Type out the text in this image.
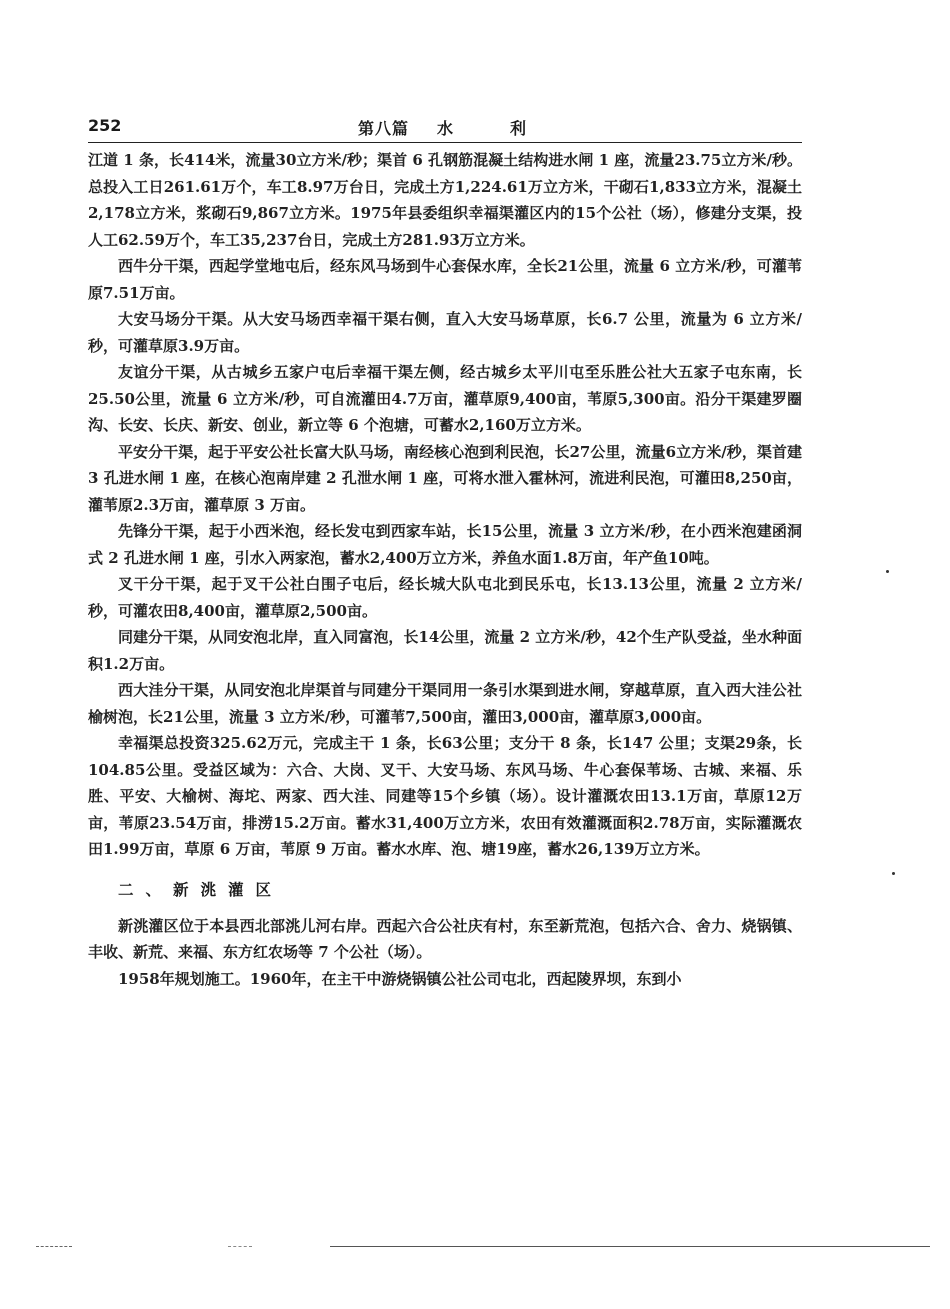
252	第八篇 水	利

江道 1 条，长414米，流量30立方米/秒；渠首 6 孔钢筋混凝土结构进水闸 1 座，流量23.75立方米/秒。总投入工日261.61万个，车工8.97万台日，完成土方1,224.61万立方米，干砌石1,833立方米，混凝土2,178立方米，浆砌石9,867立方米。1975年县委组织幸福渠灌区内的15个公社（场），修建分支渠，投人工62.59万个，车工35,237台日，完成土方281.93万立方米。

西牛分干渠，西起学堂地屯后，经东风马场到牛心套保水库，全长21公里，流量 6 立方米/秒，可灌苇原7.51万亩。

大安马场分干渠。从大安马场西幸福干渠右侧，直入大安马场草原，长6.7 公里，流量为 6 立方米/秒，可灌草原3.9万亩。

友谊分干渠，从古城乡五家户屯后幸福干渠左侧，经古城乡太平川屯至乐胜公社大五家子屯东南，长25.50公里，流量 6 立方米/秒，可自流灌田4.7万亩，灌草原9,400亩，苇原5,300亩。沿分干渠建罗圈沟、长安、长庆、新安、创业，新立等 6 个泡塘，可蓄水2,160万立方米。

平安分干渠，起于平安公社长富大队马场，南经核心泡到利民泡，长27公里，流量6立方米/秒，渠首建 3 孔进水闸 1 座，在核心泡南岸建 2 孔泄水闸 1 座，可将水泄入霍林河，流进利民泡，可灌田8,250亩，灌苇原2.3万亩，灌草原 3 万亩。

先锋分干渠，起于小西米泡，经长发屯到西家车站，长15公里，流量 3 立方米/秒，在小西米泡建函洞式 2 孔进水闸 1 座，引水入两家泡，蓄水2,400万立方米，养鱼水面1.8万亩，年产鱼10吨。

叉干分干渠，起于叉干公社白围子屯后，经长城大队屯北到民乐屯，长13.13公里，流量 2 立方米/秒，可灌农田8,400亩，灌草原2,500亩。

同建分干渠，从同安泡北岸，直入同富泡，长14公里，流量 2 立方米/秒，42个生产队受益，坐水种面积1.2万亩。

西大洼分干渠，从同安泡北岸渠首与同建分干渠同用一条引水渠到进水闸，穿越草原，直入西大洼公社榆树泡，长21公里，流量 3 立方米/秒，可灌苇7,500亩，灌田3,000亩，灌草原3,000亩。

幸福渠总投资325.62万元，完成主干 1 条，长63公里；支分干 8 条，长147 公里；支渠29条，长104.85公里。受益区域为：六合、大岗、叉干、大安马场、东风马场、牛心套保苇场、古城、来福、乐胜、平安、大榆树、海坨、两家、西大洼、同建等15个乡镇（场）。设计灌溉农田13.1万亩，草原12万亩，苇原23.54万亩，排涝15.2万亩。蓄水31,400万立方米，农田有效灌溉面积2.78万亩，实际灌溉农田1.99万亩，草原 6 万亩，苇原 9 万亩。蓄水水库、泡、塘19座，蓄水26,139万立方米。

二、新洮灌区

新洮灌区位于本县西北部洮儿河右岸。西起六合公社庆有村，东至新荒泡，包括六合、舍力、烧锅镇、丰收、新荒、来福、东方红农场等 7 个公社（场）。

1958年规划施工。1960年，在主干中游烧锅镇公社公司屯北，西起陵界坝，东到小
